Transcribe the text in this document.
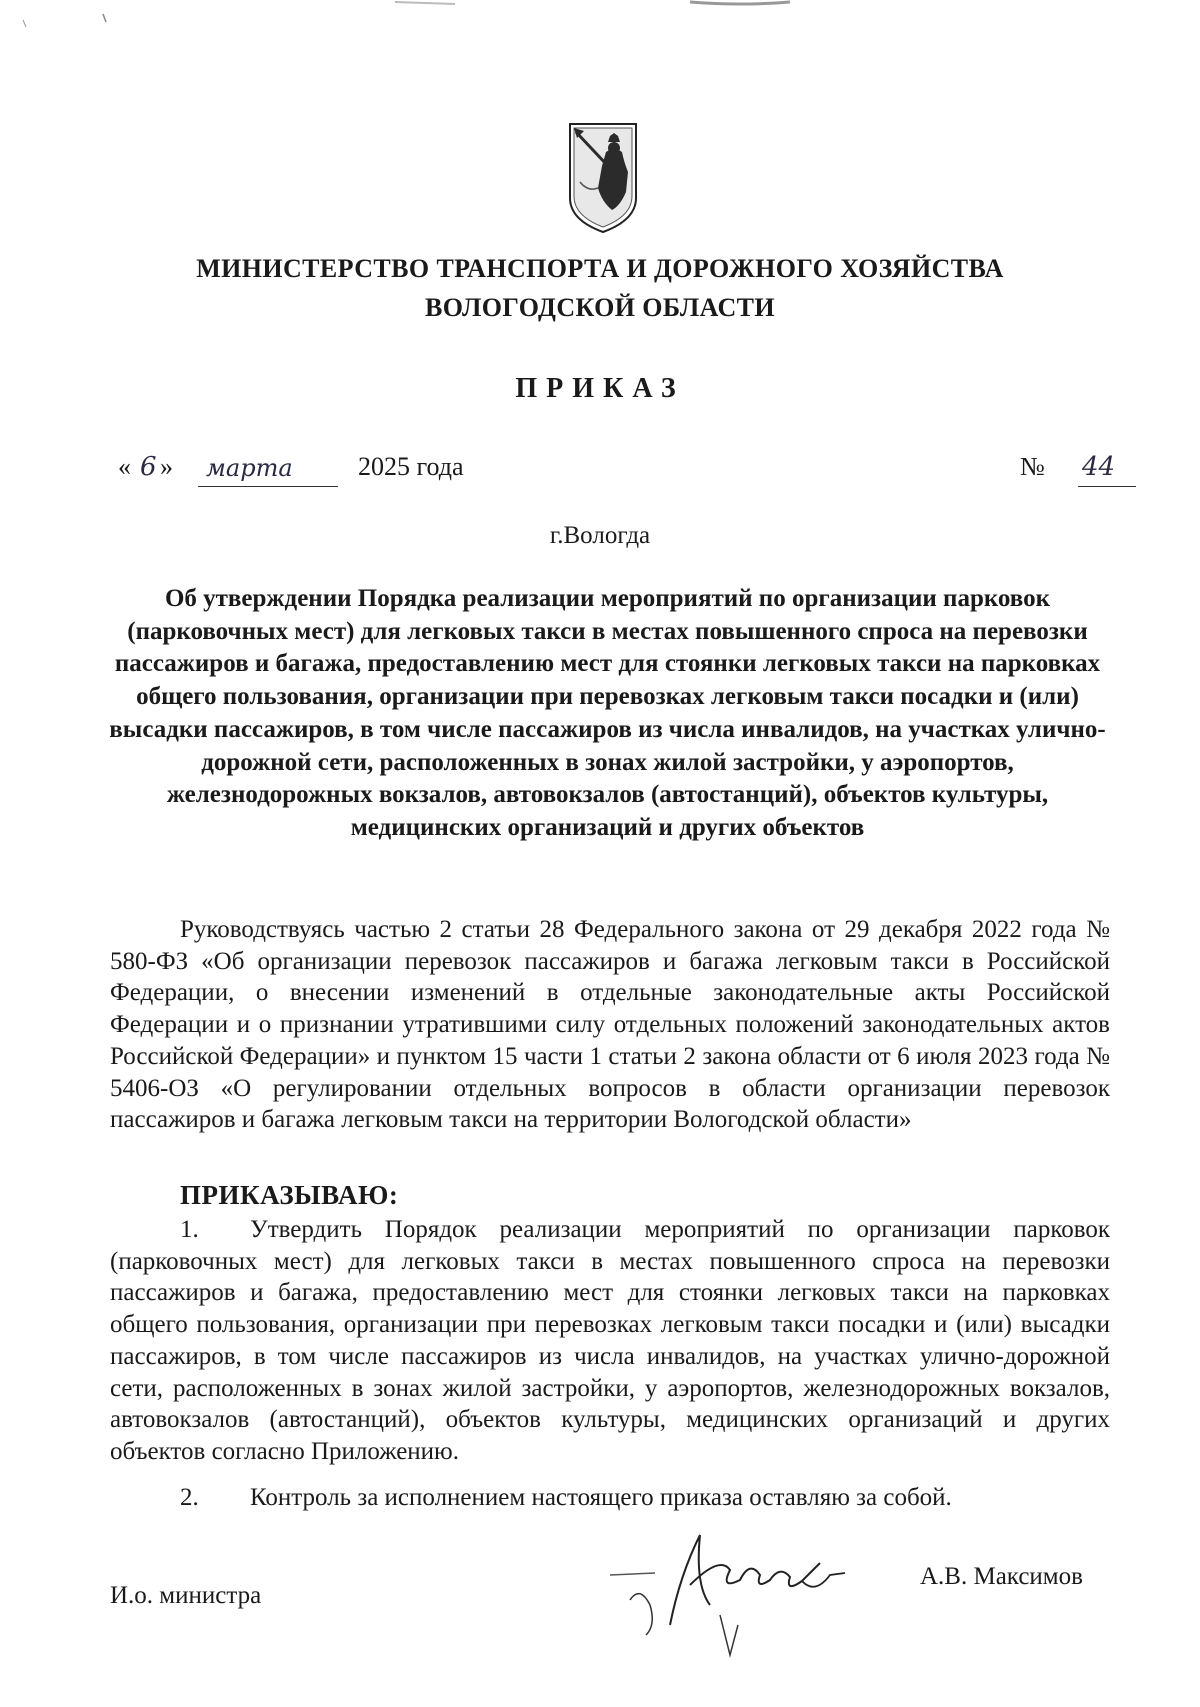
МИНИСТЕРСТВО ТРАНСПОРТА И ДОРОЖНОГО ХОЗЯЙСТВА
ВОЛОГОДСКОЙ ОБЛАСТИ
ПРИКАЗ
« 6 » марта	2025 года	№ 44
г.Вологда
Об утверждении Порядка реализации мероприятий по организации парковок (парковочных мест) для легковых такси в местах повышенного спроса на перевозки пассажиров и багажа, предоставлению мест для стоянки легковых такси на парковках общего пользования, организации при перевозках легковым такси посадки и (или) высадки пассажиров, в том числе пассажиров из числа инвалидов, на участках улично-дорожной сети, расположенных в зонах жилой застройки, у аэропортов, железнодорожных вокзалов, автовокзалов (автостанций), объектов культуры, медицинских организаций и других объектов
Руководствуясь частью 2 статьи 28 Федерального закона от 29 декабря 2022 года № 580-ФЗ «Об организации перевозок пассажиров и багажа легковым такси в Российской Федерации, о внесении изменений в отдельные законодательные акты Российской Федерации и о признании утратившими силу отдельных положений законодательных актов Российской Федерации» и пунктом 15 части 1 статьи 2 закона области от 6 июля 2023 года № 5406-ОЗ «О регулировании отдельных вопросов в области организации перевозок пассажиров и багажа легковым такси на территории Вологодской области»
ПРИКАЗЫВАЮ:
1. Утвердить Порядок реализации мероприятий по организации парковок (парковочных мест) для легковых такси в местах повышенного спроса на перевозки пассажиров и багажа, предоставлению мест для стоянки легковых такси на парковках общего пользования, организации при перевозках легковым такси посадки и (или) высадки пассажиров, в том числе пассажиров из числа инвалидов, на участках улично-дорожной сети, расположенных в зонах жилой застройки, у аэропортов, железнодорожных вокзалов, автовокзалов (автостанций), объектов культуры, медицинских организаций и других объектов согласно Приложению.
2. Контроль за исполнением настоящего приказа оставляю за собой.
И.о. министра
А.В. Максимов
